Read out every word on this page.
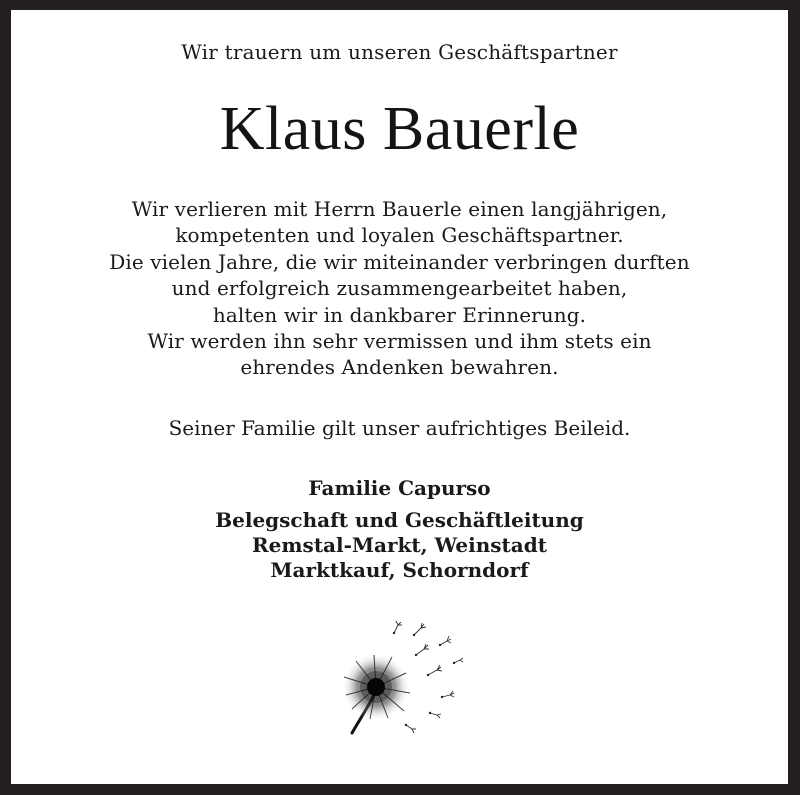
Wir trauern um unseren Geschäftspartner
Klaus Bauerle
Wir verlieren mit Herrn Bauerle einen langjährigen,
kompetenten und loyalen Geschäftspartner.
Die vielen Jahre, die wir miteinander verbringen durften
und erfolgreich zusammengearbeitet haben,
halten wir in dankbarer Erinnerung.
Wir werden ihn sehr vermissen und ihm stets ein
ehrendes Andenken bewahren.
Seiner Familie gilt unser aufrichtiges Beileid.
Familie Capurso
Belegschaft und Geschäftleitung
Remstal-Markt, Weinstadt
Marktkauf, Schorndorf
